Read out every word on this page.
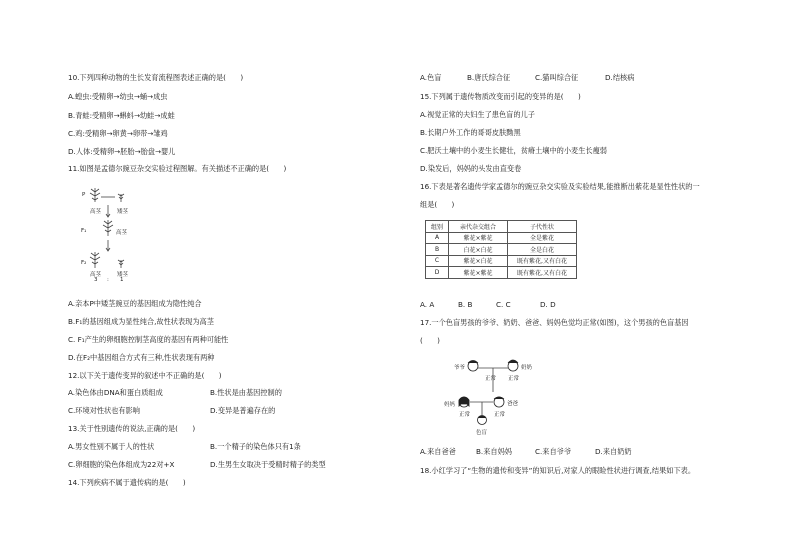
10.下列四种动物的生长发育流程图表述正确的是(　　)
A.蝗虫:受精卵→幼虫→蛹→成虫
B.青蛙:受精卵→蝌蚪→幼蛙→成蛙
C.鸡:受精卵→卵黄→卵带→雏鸡
D.人体:受精卵→胚胎→胎盘→婴儿
11.如图是孟德尔豌豆杂交实验过程图解。有关描述不正确的是(　　)
P
F₁
F₂
高茎	矮茎
高茎
高茎	矮茎
3 : 1
A.亲本P中矮茎豌豆的基因组成为隐性纯合
B.F₁的基因组成为显性纯合,故性状表现为高茎
C. F₁产生的卵细胞控制茎高度的基因有两种可能性
D.在F₂中基因组合方式有三种,性状表现有两种
12.以下关于遗传变异的叙述中不正确的是(　　)
A.染色体由DNA和蛋白质组成	B.性状是由基因控制的
C.环境对性状也有影响	D.变异是普遍存在的
13.关于性别遗传的说法,正确的是(　　)
A.男女性别不属于人的性状	B.一个精子的染色体只有1条
C.卵细胞的染色体组成为22对+X	D.生男生女取决于受精时精子的类型
14.下列疾病不属于遗传病的是(　　)
A.色盲	B.唐氏综合征	C.猫叫综合征	D.结核病
15.下列属于遗传物质改变而引起的变异的是(　　)
A.视觉正常的夫妇生了患色盲的儿子
B.长期户外工作的哥哥皮肤黝黑
C.肥沃土壤中的小麦生长健壮，贫瘠土壤中的小麦生长瘦弱
D.染发后，妈妈的头发由直变卷
16.下表是著名遗传学家孟德尔的豌豆杂交实验及实验结果,能推断出紫花是显性性状的一
组是(　　)
组别	亲代杂交组合	子代性状
A	紫花×紫花	全是紫花
B	白花×白花	全是白花
C	紫花×白花	既有紫花,又有白花
D	紫花×紫花	既有紫花,又有白花
A. A	B. B	C. C	D. D
17.一个色盲男孩的爷爷、奶奶、爸爸、妈妈色觉均正常(如图)，这个男孩的色盲基因
(　　)
爷爷	奶奶
正常 正常
妈妈	爸爸
正常	正常
色盲
A.来自爸爸	B.来自妈妈	C.来自爷爷	D.来自奶奶
18.小红学习了“生物的遗传和变异”的知识后,对家人的眼睑性状进行调查,结果如下表。
